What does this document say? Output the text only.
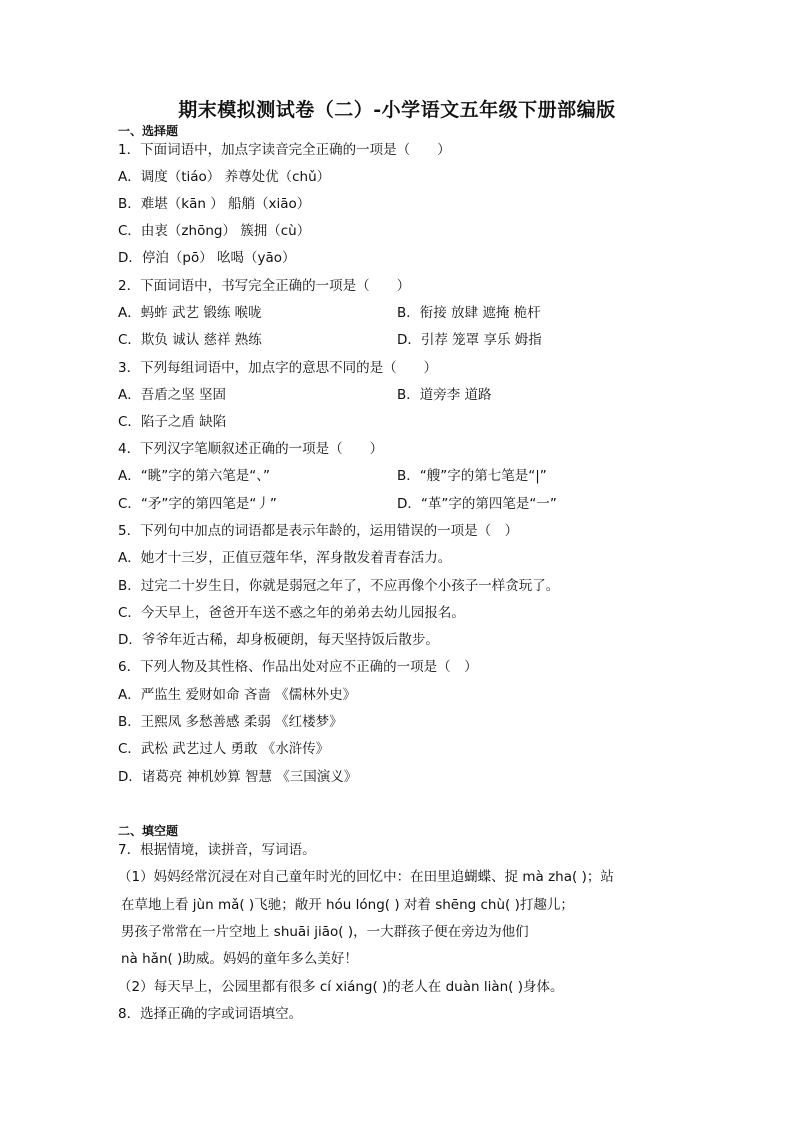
期末模拟测试卷（二）-小学语文五年级下册部编版
一、选择题
1．下面词语中，加点字读音完全正确的一项是（　　）
A．调度（tiáo） 养尊处优（chǔ）
B．难堪（kān ） 船艄（xiāo）
C．由衷（zhōng） 簇拥（cù）
D．停泊（pō） 吆喝（yāo）
2．下面词语中，书写完全正确的一项是（　　）
A．蚂蚱 武艺 锻练 喉咙	B．衔接 放肆 遮掩 桅杆
C．欺负 诚认 慈祥 熟练	D．引荐 笼罩 享乐 姆指
3．下列每组词语中，加点字的意思不同的是（　　）
A．吾盾之坚 坚固	B．道旁李 道路
C．陷子之盾 缺陷
4．下列汉字笔顺叙述正确的一项是（　　）
A．“眺”字的第六笔是“、”	B．“艘”字的第七笔是“|”
C．“矛”字的第四笔是“丿”	D．“革”字的第四笔是“一”
5．下列句中加点的词语都是表示年龄的，运用错误的一项是（　）
A．她才十三岁，正值豆蔻年华，浑身散发着青春活力。
B．过完二十岁生日，你就是弱冠之年了，不应再像个小孩子一样贪玩了。
C．今天早上，爸爸开车送不惑之年的弟弟去幼儿园报名。
D．爷爷年近古稀，却身板硬朗，每天坚持饭后散步。
6．下列人物及其性格、作品出处对应不正确的一项是（　）
A．严监生 爱财如命 吝啬 《儒林外史》
B．王熙凤 多愁善感 柔弱 《红楼梦》
C．武松 武艺过人 勇敢 《水浒传》
D．诸葛亮 神机妙算 智慧 《三国演义》
二、填空题
7．根据情境，读拼音，写词语。
（1）妈妈经常沉浸在对自己童年时光的回忆中：在田里追蝴蝶、捉 mà zha( )；站
在草地上看 jùn mǎ( )飞驰；敞开 hóu lóng( ) 对着 shēng chù( )打趣儿；
男孩子常常在一片空地上 shuāi jiāo( )，一大群孩子便在旁边为他们
nà hǎn( )助威。妈妈的童年多么美好！
（2）每天早上，公园里都有很多 cí xiáng( )的老人在 duàn liàn( )身体。
8．选择正确的字或词语填空。
